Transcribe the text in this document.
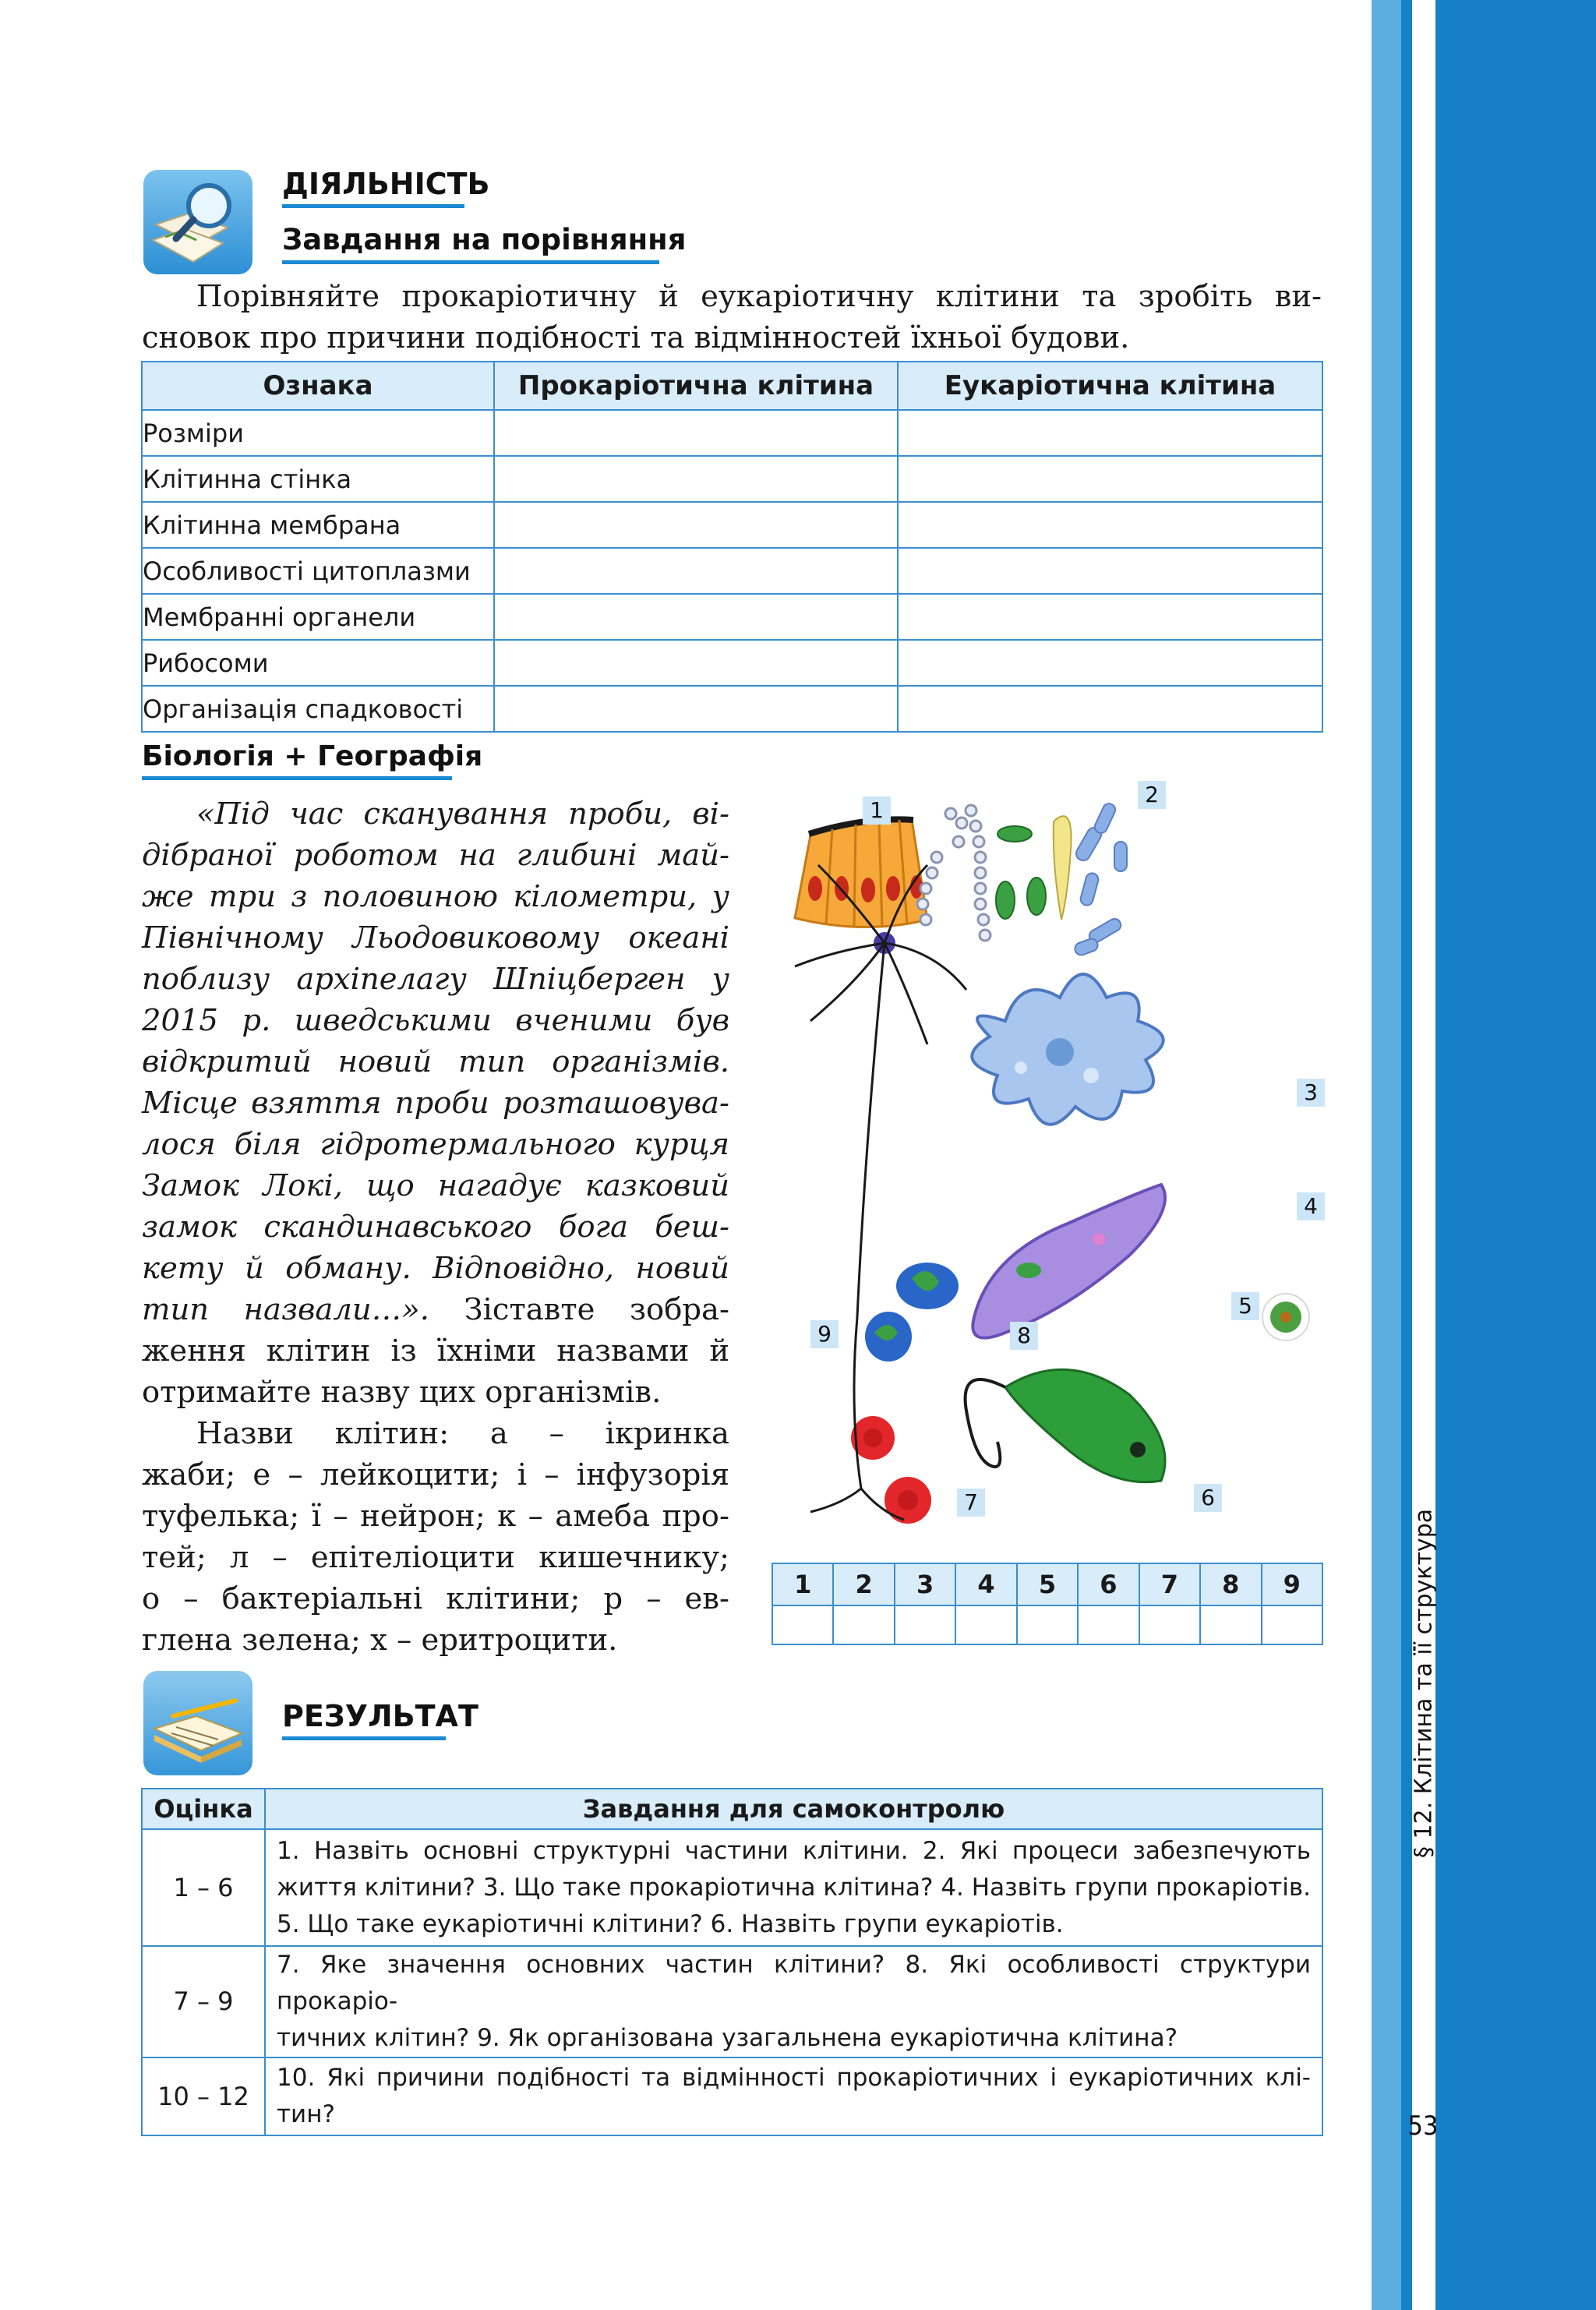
§ 12. Клітина та її структура
53
ДІЯЛЬНІСТЬ
Завдання на порівняння
Порівняйте прокаріотичну й еукаріотичну клітини та зробіть ви-
сновок про причини подібності та відмінностей їхньої будови.
Ознака	Прокаріотична клітина	Еукаріотична клітина
Розміри		
Клітинна стінка		
Клітинна мембрана		
Особливості цитоплазми		
Мембранні органели		
Рибосоми		
Організація спадковості		
Біологія + Географія
«Під час сканування проби, ві-
дібраної роботом на глибині май-
же три з половиною кілометри, у
Північному Льодовиковому океані
поблизу архіпелагу Шпіцберген у
2015 р. шведськими вченими був
відкритий новий тип організмів.
Місце взяття проби розташовува-
лося біля гідротермального курця
Замок Локі, що нагадує казковий
замок скандинавського бога беш-
кету й обману. Відповідно, новий
тип назвали…». Зіставте зобра-
ження клітин із їхніми назвами й
отримайте назву цих організмів.
Назви клітин: а – ікринка
жаби; е – лейкоцити; і – інфузорія
туфелька; ї – нейрон; к – амеба про-
тей; л – епітеліоцити кишечнику;
о – бактеріальні клітини; р – ев-
глена зелена; х – еритроцити.
1
2
3
4
5
6
7
8
9
1	2	3	4	5	6	7	8	9

РЕЗУЛЬТАТ
Оцінка	Завдання для самоконтролю
1 – 6	1. Назвіть основні структурні частини клітини. 2. Які процеси забезпечують
життя клітини? 3. Що таке прокаріотична клітина? 4. Назвіть групи прокаріотів.
5. Що таке еукаріотичні клітини? 6. Назвіть групи еукаріотів.

7 – 9	7. Яке значення основних частин клітини? 8. Які особливості структури прокаріо-
тичних клітин? 9. Як організована узагальнена еукаріотична клітина?

10 – 12	10. Які причини подібності та відмінності прокаріотичних і еукаріотичних клі-
тин?
